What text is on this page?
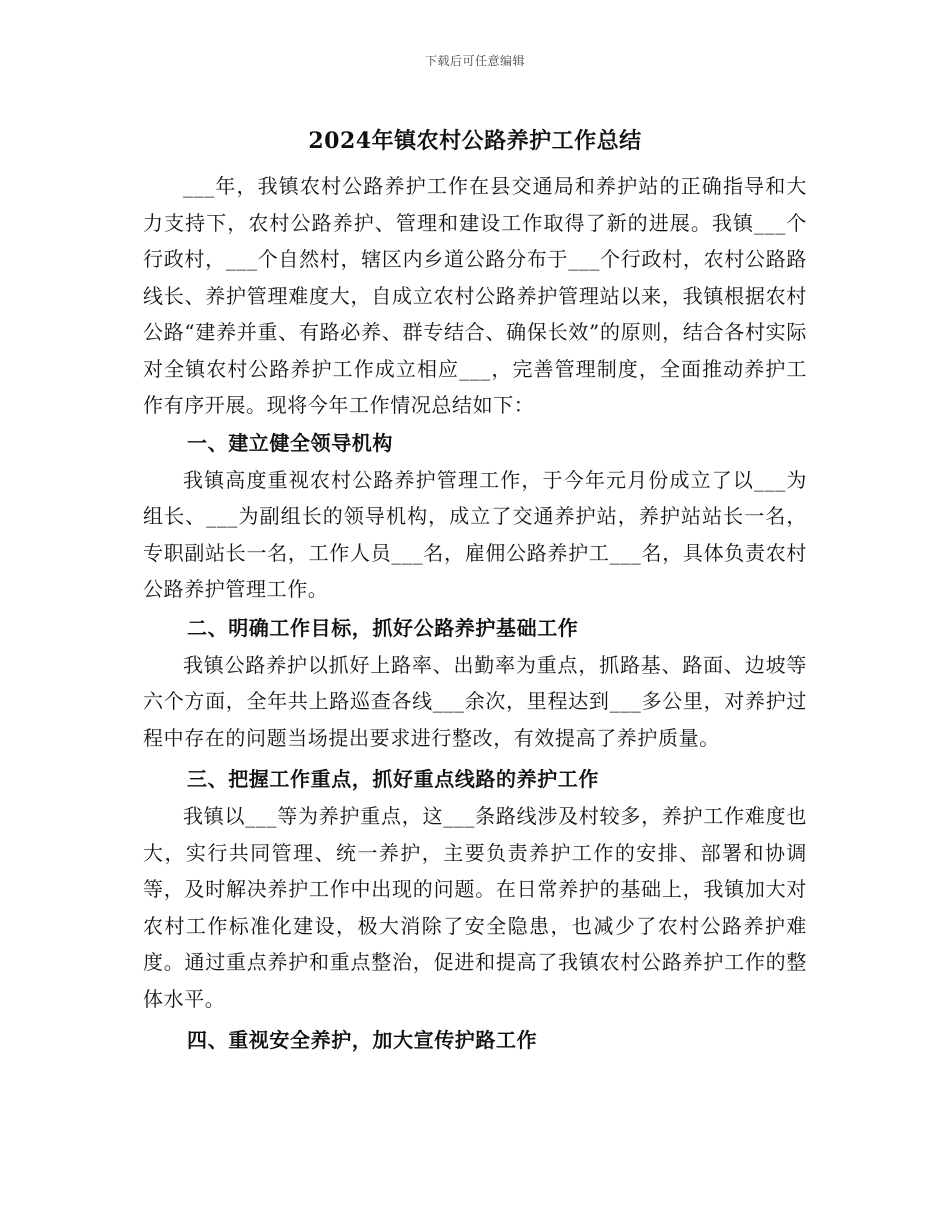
下载后可任意编辑
2024年镇农村公路养护工作总结

___年，我镇农村公路养护工作在县交通局和养护站的正确指导和大力支持下，农村公路养护、管理和建设工作取得了新的进展。我镇___个行政村，___个自然村，辖区内乡道公路分布于___个行政村，农村公路路线长、养护管理难度大，自成立农村公路养护管理站以来，我镇根据农村公路“建养并重、有路必养、群专结合、确保长效”的原则，结合各村实际对全镇农村公路养护工作成立相应___，完善管理制度，全面推动养护工作有序开展。现将今年工作情况总结如下：

一、建立健全领导机构

我镇高度重视农村公路养护管理工作，于今年元月份成立了以___为组长、___为副组长的领导机构，成立了交通养护站，养护站站长一名，专职副站长一名，工作人员___名，雇佣公路养护工___名，具体负责农村公路养护管理工作。

二、明确工作目标，抓好公路养护基础工作

我镇公路养护以抓好上路率、出勤率为重点，抓路基、路面、边坡等六个方面，全年共上路巡查各线___余次，里程达到___多公里，对养护过程中存在的问题当场提出要求进行整改，有效提高了养护质量。

三、把握工作重点，抓好重点线路的养护工作

我镇以___等为养护重点，这___条路线涉及村较多，养护工作难度也大，实行共同管理、统一养护，主要负责养护工作的安排、部署和协调等，及时解决养护工作中出现的问题。在日常养护的基础上，我镇加大对农村工作标准化建设，极大消除了安全隐患，也减少了农村公路养护难度。通过重点养护和重点整治，促进和提高了我镇农村公路养护工作的整体水平。

四、重视安全养护，加大宣传护路工作
